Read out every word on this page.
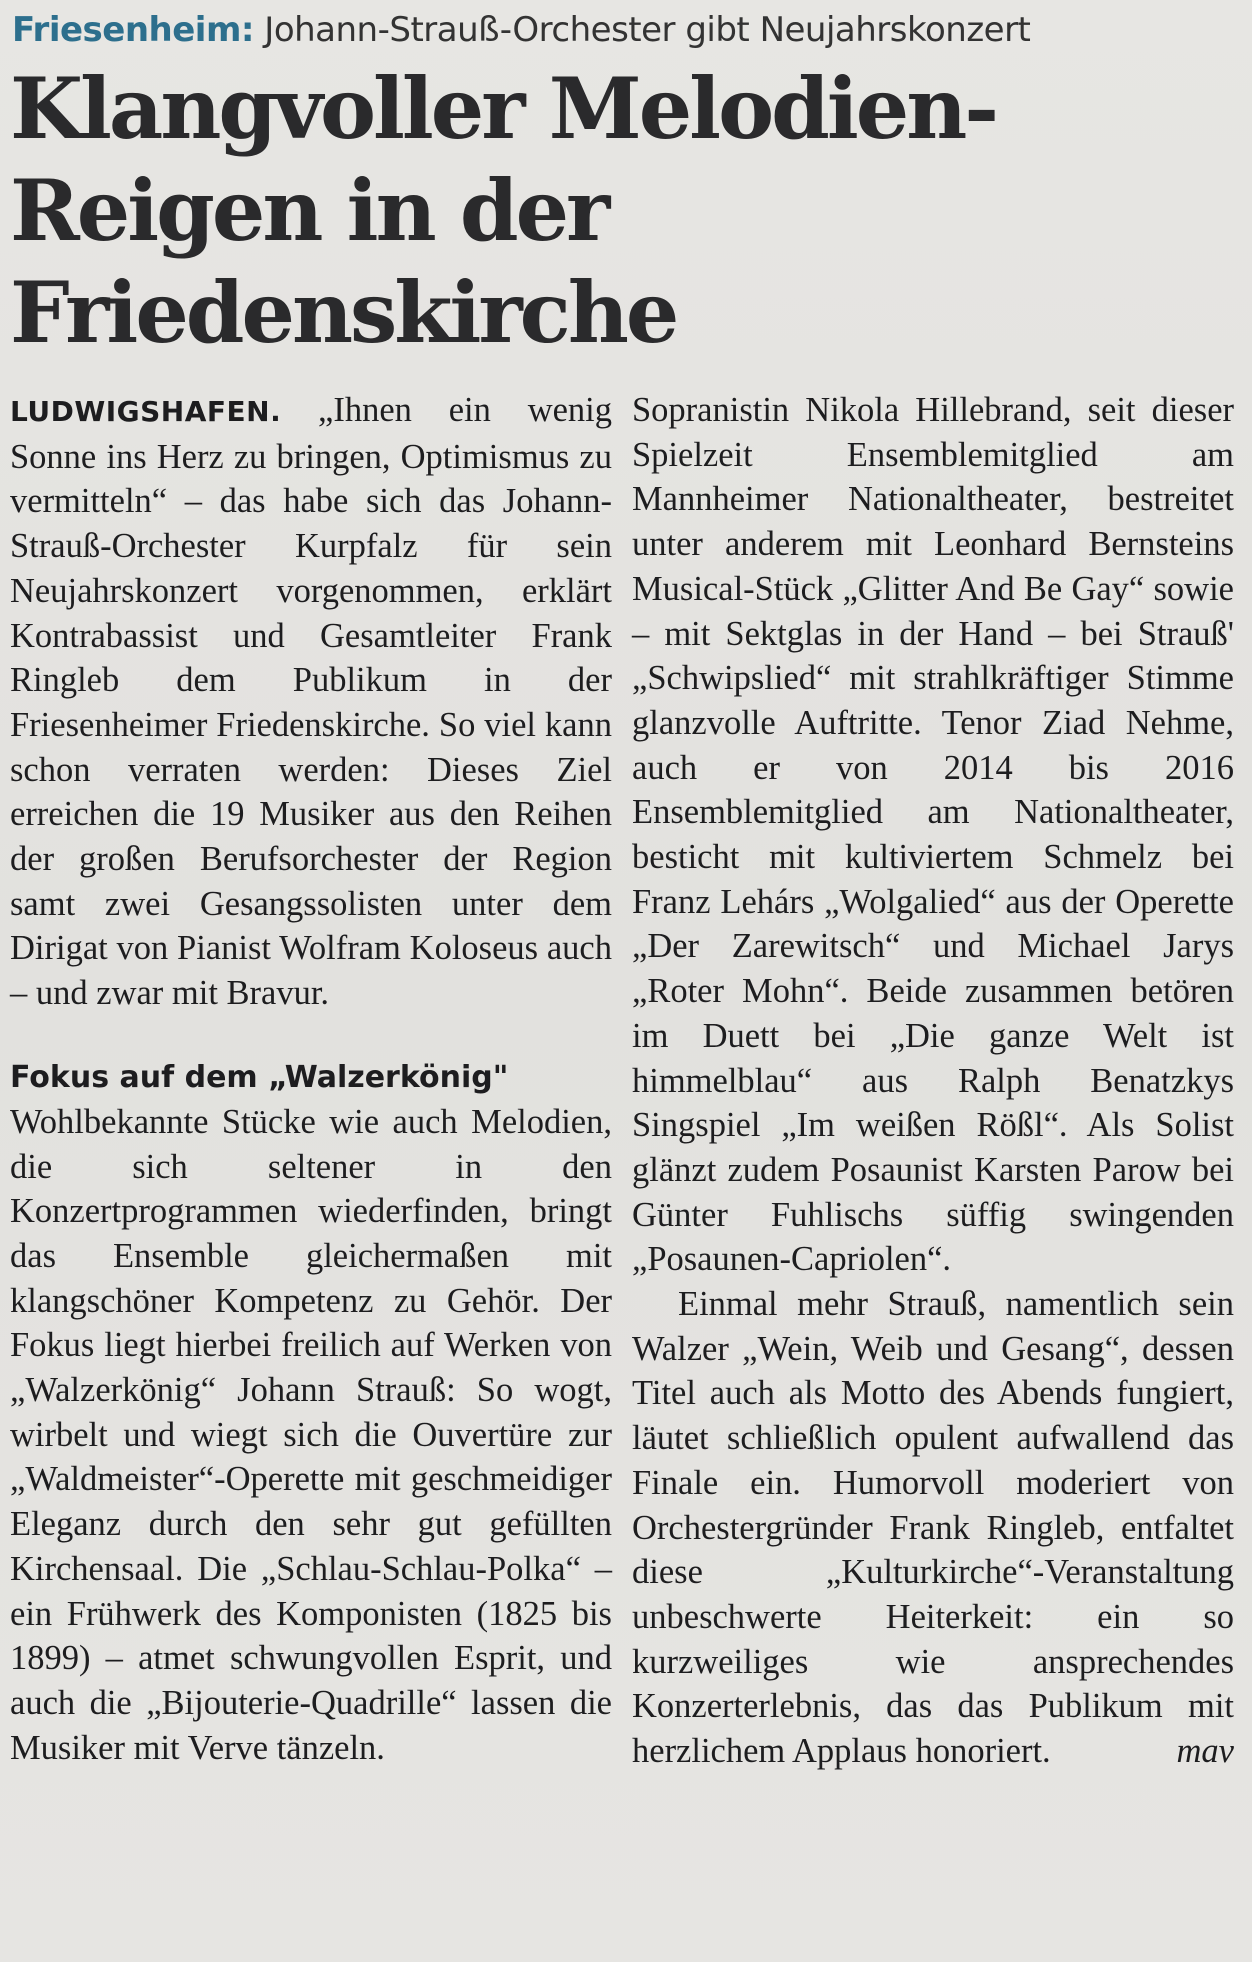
Friesenheim: Johann-Strauß-Orchester gibt Neujahrskonzert
Klangvoller Melodien-Reigen in der Friedenskirche

LUDWIGSHAFEN. „Ihnen ein wenig Sonne ins Herz zu bringen, Optimismus zu vermitteln“ – das habe sich das Johann-Strauß-Orchester Kurpfalz für sein Neujahrskonzert vorgenommen, erklärt Kontrabassist und Gesamtleiter Frank Ringleb dem Publikum in der Friesenheimer Friedenskirche. So viel kann schon verraten werden: Dieses Ziel erreichen die 19 Musiker aus den Reihen der großen Berufsorchester der Region samt zwei Gesangssolisten unter dem Dirigat von Pianist Wolfram Koloseus auch – und zwar mit Bravur.

Fokus auf dem „Walzerkönig"

Wohlbekannte Stücke wie auch Melodien, die sich seltener in den Konzertprogrammen wiederfinden, bringt das Ensemble gleichermaßen mit klangschöner Kompetenz zu Gehör. Der Fokus liegt hierbei freilich auf Werken von „Walzerkönig“ Johann Strauß: So wogt, wirbelt und wiegt sich die Ouvertüre zur „Waldmeister“-Operette mit geschmeidiger Eleganz durch den sehr gut gefüllten Kirchensaal. Die „Schlau-Schlau-Polka“ – ein Frühwerk des Komponisten (1825 bis 1899) – atmet schwungvollen Esprit, und auch die „Bijouterie-Quadrille“ lassen die Musiker mit Verve tänzeln.

Sopranistin Nikola Hillebrand, seit dieser Spielzeit Ensemblemitglied am Mannheimer Nationaltheater, bestreitet unter anderem mit Leonhard Bernsteins Musical-Stück „Glitter And Be Gay“ sowie – mit Sektglas in der Hand – bei Strauß' „Schwipslied“ mit strahlkräftiger Stimme glanzvolle Auftritte. Tenor Ziad Nehme, auch er von 2014 bis 2016 Ensemblemitglied am Nationaltheater, besticht mit kultiviertem Schmelz bei Franz Lehárs „Wolgalied“ aus der Operette „Der Zarewitsch“ und Michael Jarys „Roter Mohn“. Beide zusammen betören im Duett bei „Die ganze Welt ist himmelblau“ aus Ralph Benatzkys Singspiel „Im weißen Rößl“. Als Solist glänzt zudem Posaunist Karsten Parow bei Günter Fuhlischs süffig swingenden „Posaunen-Capriolen“.

Einmal mehr Strauß, namentlich sein Walzer „Wein, Weib und Gesang“, dessen Titel auch als Motto des Abends fungiert, läutet schließlich opulent aufwallend das Finale ein. Humorvoll moderiert von Orchestergründer Frank Ringleb, entfaltet diese „Kulturkirche“-Veranstaltung unbeschwerte Heiterkeit: ein so kurzweiliges wie ansprechendes Konzerterlebnis, das das Publikum mit herzlichem Applaus honoriert.	mav
